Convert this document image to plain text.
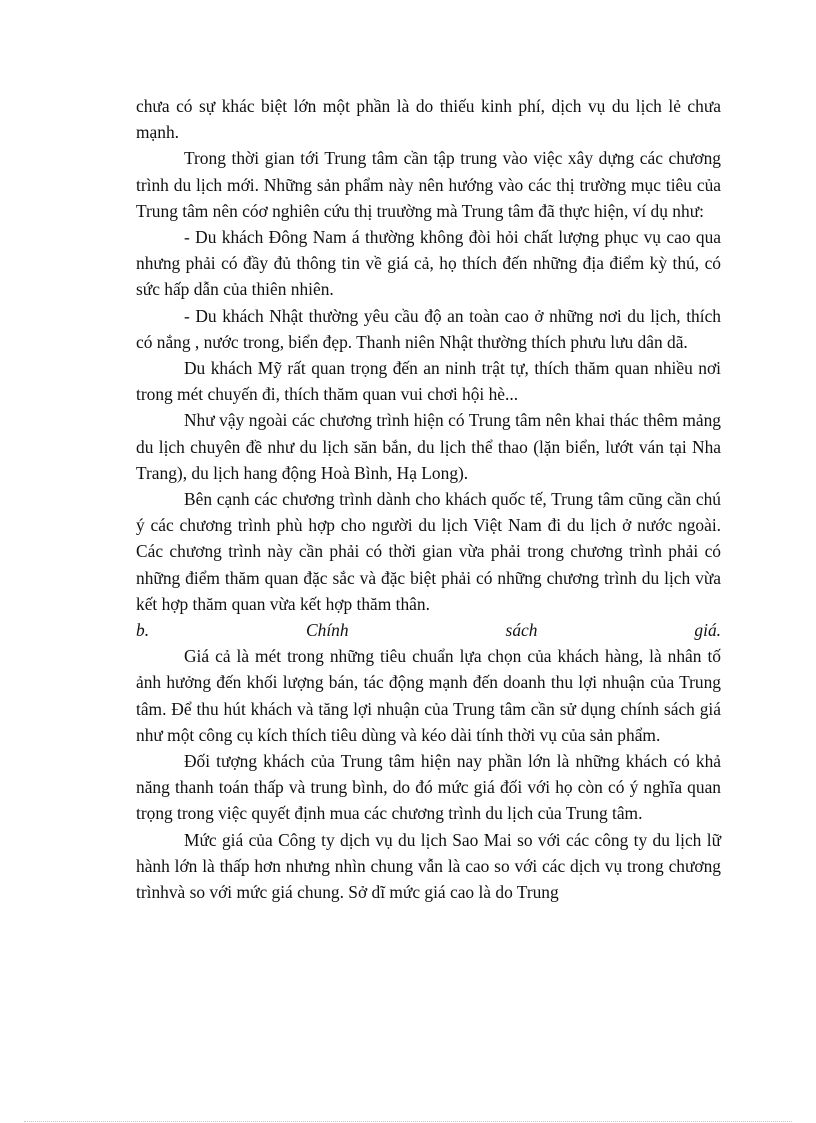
chưa có sự khác biệt lớn một phần là do thiếu kinh phí, dịch vụ du lịch lẻ chưa mạnh.

Trong thời gian tới Trung tâm cần tập trung vào việc xây dựng các chương trình du lịch mới. Những sản phẩm này nên hướng vào các thị trường mục tiêu của Trung tâm nên cóơ nghiên cứu thị truường mà Trung tâm đã thực hiện, ví dụ như:

- Du khách Đông Nam á thường không đòi hỏi chất lượng phục vụ cao qua nhưng phải có đầy đủ thông tin về giá cả, họ thích đến những địa điểm kỳ thú, có sức hấp dẫn của thiên nhiên.

- Du khách Nhật thường yêu cầu độ an toàn cao ở những nơi du lịch, thích có nắng , nước trong, biển đẹp. Thanh niên Nhật thường thích phưu lưu dân dã.

Du khách Mỹ rất quan trọng đến an ninh trật tự, thích thăm quan nhiều nơi trong mét chuyến đi, thích thăm quan vui chơi hội hè...

Như vậy ngoài các chương trình hiện có Trung tâm nên khai thác thêm mảng du lịch chuyên đề như du lịch săn bắn, du lịch thể thao (lặn biển, lướt ván tại Nha Trang), du lịch hang động Hoà Bình, Hạ Long).

Bên cạnh các chương trình dành cho khách quốc tế, Trung tâm cũng cần chú ý các chương trình phù hợp cho người du lịch Việt Nam đi du lịch ở nước ngoài. Các chương trình này cần phải có thời gian vừa phải trong chương trình phải có những điểm thăm quan đặc sắc và đặc biệt phải có những chương trình du lịch vừa kết hợp thăm quan vừa kết hợp thăm thân.

b.	Chính	sách	giá.

Giá cả là mét trong những tiêu chuẩn lựa chọn của khách hàng, là nhân tố ảnh hưởng đến khối lượng bán, tác động mạnh đến doanh thu lợi nhuận của Trung tâm. Để thu hút khách và tăng lợi nhuận của Trung tâm cần sử dụng chính sách giá như một công cụ kích thích tiêu dùng và kéo dài tính thời vụ của sản phẩm.

Đối tượng khách của Trung tâm hiện nay phần lớn là những khách có khả năng thanh toán thấp và trung bình, do đó mức giá đối với họ còn có ý nghĩa quan trọng trong việc quyết định mua các chương trình du lịch của Trung tâm.

Mức giá của Công ty dịch vụ du lịch Sao Mai so với các công ty du lịch lữ hành lớn là thấp hơn nhưng nhìn chung vẫn là cao so với các dịch vụ trong chương trìnhvà so với mức giá chung. Sở dĩ mức giá cao là do Trung
